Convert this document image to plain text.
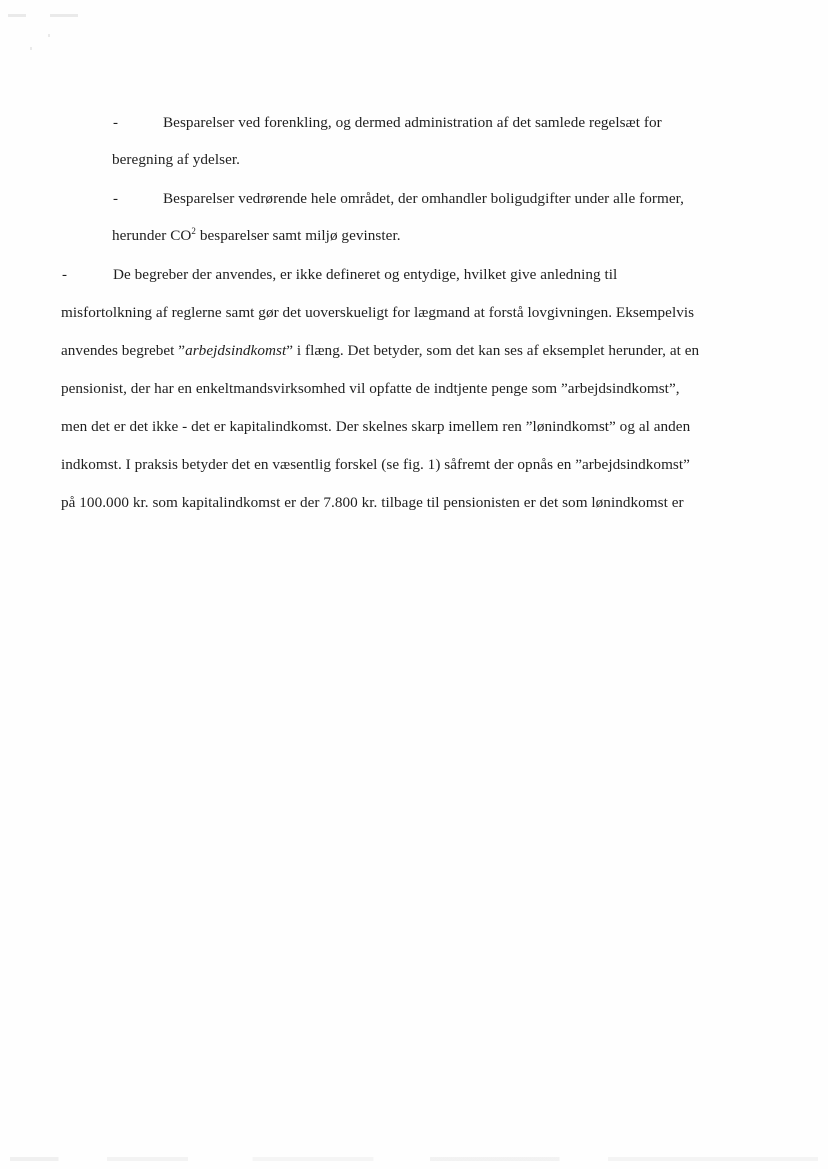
-	Besparelser ved forenkling, og dermed administration af det samlede regelsæt for
beregning af ydelser.
-	Besparelser vedrørende hele området, der omhandler boligudgifter under alle former,
herunder $CO^2$ besparelser samt miljø gevinster.
-	De begreber der anvendes, er ikke defineret og entydige, hvilket give anledning til
misfortolkning af reglerne samt gør det uoverskueligt for lægmand at forstå lovgivningen. Eksempelvis
anvendes begrebet ”arbejdsindkomst” i flæng. Det betyder, som det kan ses af eksemplet herunder, at en
pensionist, der har en enkeltmandsvirksomhed vil opfatte de indtjente penge som ”arbejdsindkomst”,
men det er det ikke - det er kapitalindkomst. Der skelnes skarp imellem ren ”lønindkomst” og al anden
indkomst. I praksis betyder det en væsentlig forskel (se fig. 1) såfremt der opnås en ”arbejdsindkomst”
på 100.000 kr. som kapitalindkomst er der 7.800 kr. tilbage til pensionisten er det som lønindkomst er
